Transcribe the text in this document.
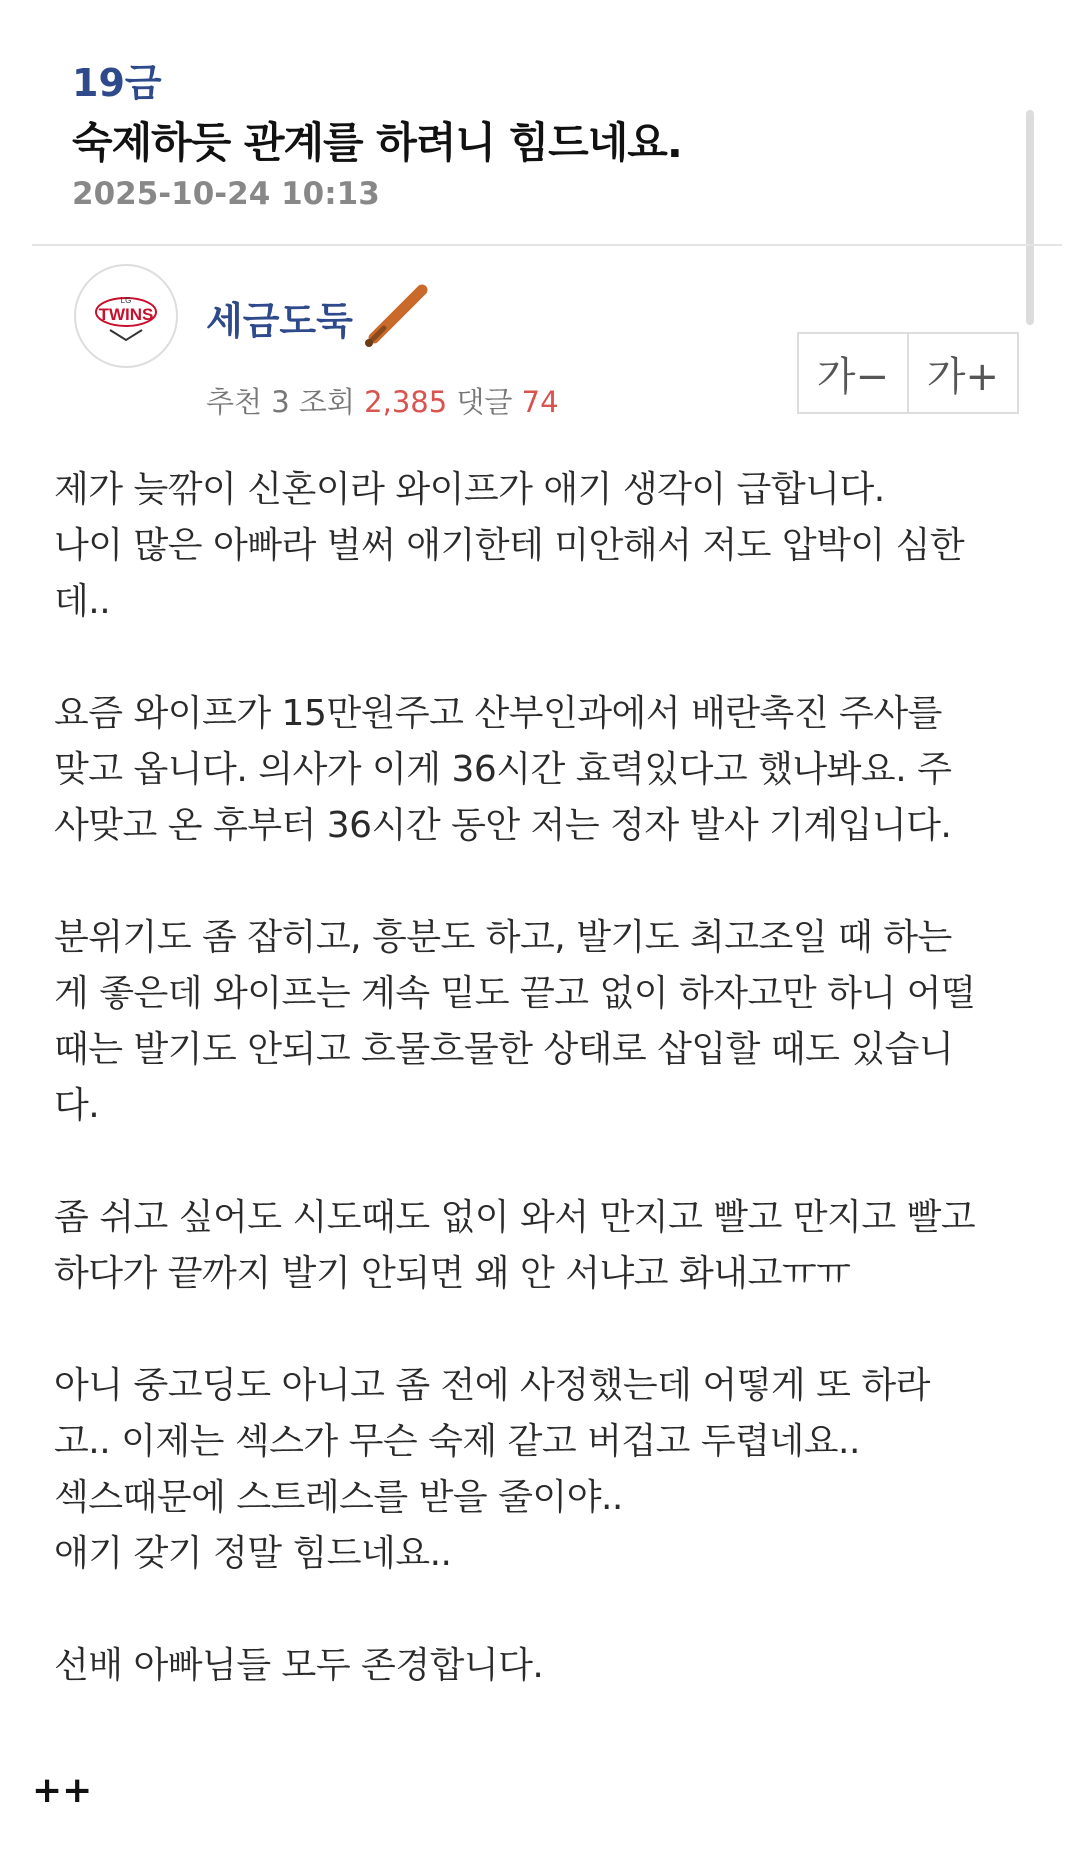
19금
숙제하듯 관계를 하려니 힘드네요.
2025-10-24 10:13
LG
TWINS 세금도둑
추천 3 조회 2,385 댓글 74
가− 가+

제가 늦깎이 신혼이라 와이프가 애기 생각이 급합니다.
나이 많은 아빠라 벌써 애기한테 미안해서 저도 압박이 심한
데..

요즘 와이프가 15만원주고 산부인과에서 배란촉진 주사를
맞고 옵니다. 의사가 이게 36시간 효력있다고 했나봐요. 주
사맞고 온 후부터 36시간 동안 저는 정자 발사 기계입니다.

분위기도 좀 잡히고, 흥분도 하고, 발기도 최고조일 때 하는
게 좋은데 와이프는 계속 밑도 끝고 없이 하자고만 하니 어떨
때는 발기도 안되고 흐물흐물한 상태로 삽입할 때도 있습니
다.

좀 쉬고 싶어도 시도때도 없이 와서 만지고 빨고 만지고 빨고
하다가 끝까지 발기 안되면 왜 안 서냐고 화내고ㅠㅠ

아니 중고딩도 아니고 좀 전에 사정했는데 어떻게 또 하라
고.. 이제는 섹스가 무슨 숙제 같고 버겁고 두렵네요..
섹스때문에 스트레스를 받을 줄이야..
애기 갖기 정말 힘드네요..

선배 아빠님들 모두 존경합니다.

++
